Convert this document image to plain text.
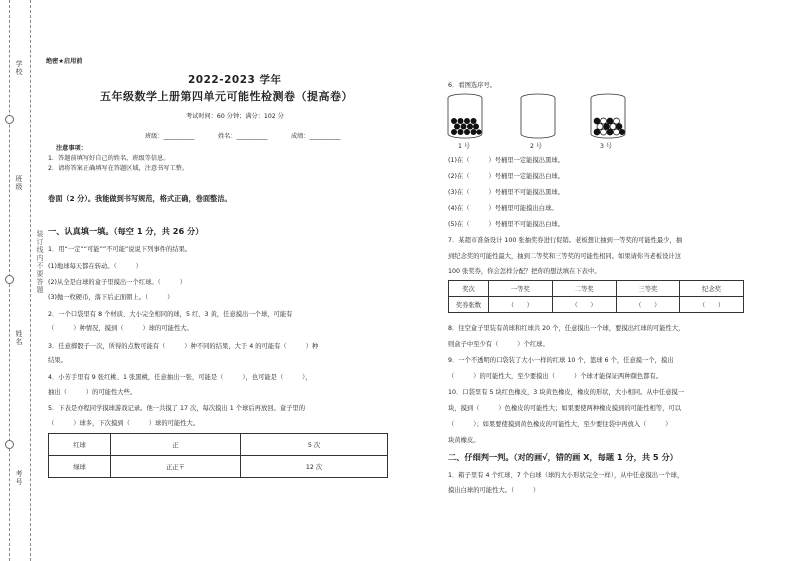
学校
班级
姓名
考号
装订线内不要答题
绝密★启用前
2022-2023 学年
五年级数学上册第四单元可能性检测卷（提高卷）
考试时间：60 分钟；满分：102 分
班级：__________	姓名：__________	成绩：__________
注意事项：
1．答题前填写好自己的姓名、班级等信息。
2．请将答案正确填写在答题区域，注意书写工整。
卷面（2 分）。我能做到书写规范，格式正确，卷面整洁。
一、认真填一填。（每空 1 分，共 26 分）
1．用“一定”“可能”“不可能”说说下列事件的结果。
(1)地球每天都在转动。（　　　）
(2)从全是白球的盒子里摸出一个红球。（　　　）
(3)抛一枚硬币，落下后正面朝上。（　　　）
2．一个口袋里有 8 个材质、大小完全相同的球，5 红、3 黄，任意摸出一个球，可能有
（　　　）种情况，摸到（　　　）球的可能性大。
3．任意掷骰子一次，所得的点数可能有（　　　）种不同的结果，大于 4 的可能有（　　　）种
结果。
4．小芳手里有 9 张红桃、1 张黑桃，任意抽出一张，可能是（　　　），也可能是（　　　），
抽出（　　　）的可能性大些。
5．下表是亦程同学摸球游戏记录。他一共摸了 17 次，每次摸出 1 个球后再放回。盒子里的
（　　　）球多，下次摸到（　　　）球的可能性大。
红球	正	5 次
绿球	正正〒	12 次
6．看图选序号。
1 号	2 号	3 号
(1)在（　　　）号桶里一定能摸出黑球。
(2)在（　　　）号桶里一定能摸出白球。
(3)在（　　　）号桶里不可能摸出黑球。
(4)在（　　　）号桶里可能摸出白球。
(5)在（　　　）号桶里不可能摸出白球。
7．某超市准备设计 100 张抽奖券进行促销。老板想让抽到一等奖的可能性最少，抽
到纪念奖的可能性最大，抽到二等奖和三等奖的可能性相同。如果请你当老板设计这
100 张奖券，你会怎样分配？把你的想法填在下表中。
奖次	一等奖	二等奖	三等奖	纪念奖
奖券张数	（　　）	（　　）	（　　）	（　　）
8．往空盒子里装有黄球和红球共 20 个，任意摸出一个球，要摸出红球的可能性大，
则盒子中至少有（　　　）个红球。
9．一个不透明的口袋装了大小一样的红球 10 个，篮球 6 个，任意摸一个，摸出
（　　　）的可能性大，至少要摸出（　　　）个球才能保证两种颜色都有。
10．口袋里有 5 块红色橡皮，3 块黄色橡皮，橡皮的形状，大小相同。从中任意摸一
块，摸到（　　　）色橡皮的可能性大；如果要使两种橡皮摸到的可能性相等，可以
（　　　）；如果要使摸到黄色橡皮的可能性大，至少要往袋中再放入（　　　）
块黄橡皮。
二、仔细判一判。（对的画√，错的画 X，每题 1 分，共 5 分）
1．箱子里有 4 个红球、7 个白球（球的大小形状完全一样），从中任意摸出一个球，
摸出白球的可能性大。（　　　）
